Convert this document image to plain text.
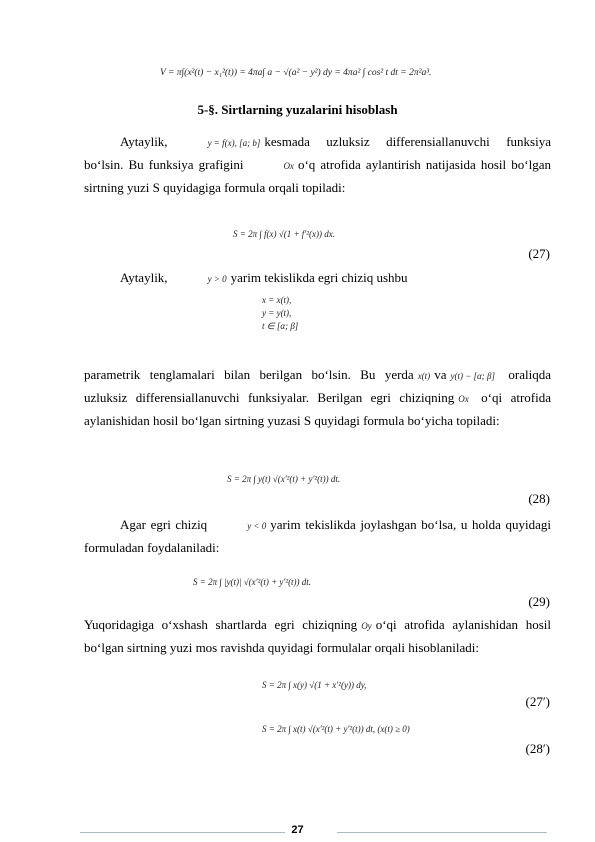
V = π∫(x²(t) − x₁²(t)) = 4πa∫ a − √(a² − y²) dy = 4πa² ∫ cos² t dt = 2π²a³.
5-§. Sirtlarning yuzalarini hisoblash
Aytaylik,	y = f(x), [a; b] kesmada uzluksiz differensiallanuvchi funksiya bo‘lsin. Bu funksiya grafigini	Ox o‘q atrofida aylantirish natijasida hosil bo‘lgan sirtning yuzi S quyidagiga formula orqali topiladi:
S = 2π ∫ f(x) √(1 + f′²(x)) dx.
(27)
Aytaylik,	y > 0 yarim tekislikda egri chiziq ushbu
x = x(t),
y = y(t),
t ∈ [α; β]
parametrik tenglamalari bilan berilgan bo‘lsin. Bu yerda x(t) va y(t) − [α; β] oraliqda uzluksiz differensiallanuvchi funksiyalar. Berilgan egri chiziqning Ox o‘qi atrofida aylanishidan hosil bo‘lgan sirtning yuzasi S quyidagi formula bo‘yicha topiladi:
S = 2π ∫ y(t) √(x′²(t) + y′²(t)) dt.
(28)
Agar egri chiziq	y < 0 yarim tekislikda joylashgan bo‘lsa, u holda quyidagi formuladan foydalaniladi:
S = 2π ∫ |y(t)| √(x′²(t) + y′²(t)) dt.
(29)
Yuqoridagiga o‘xshash shartlarda egri chiziqning Oy o‘qi atrofida aylanishidan hosil bo‘lgan sirtning yuzi mos ravishda quyidagi formulalar orqali hisoblaniladi:
S = 2π ∫ x(y) √(1 + x′²(y)) dy,
(27′)
S = 2π ∫ x(t) √(x′²(t) + y′²(t)) dt, (x(t) ≥ 0)
(28′)
27
